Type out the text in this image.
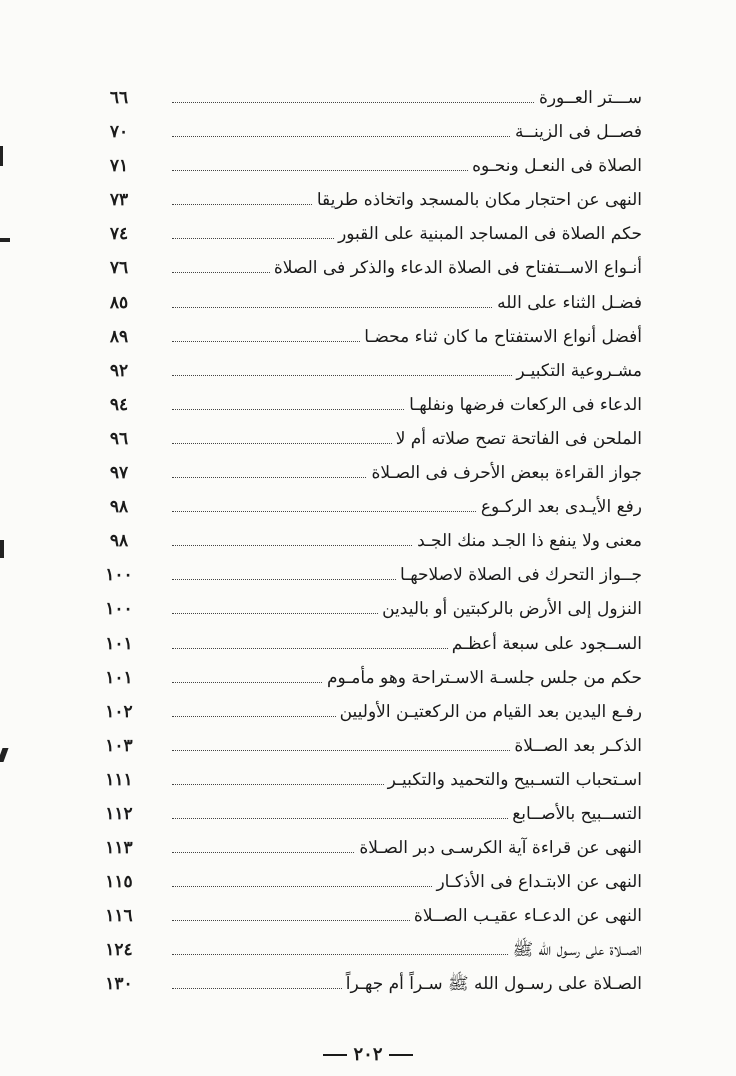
ســـتر العــورة
٦٦
فصــل فى الزينــة
٧٠
الصلاة فى النعـل ونحـوه
٧١
النهى عن احتجار مكان بالمسجد واتخاذه طريقا
٧٣
حكم الصلاة فى المساجد المبنية على القبور
٧٤
أنـواع الاســتفتاح فى الصلاة الدعاء والذكر فى الصلاة
٧٦
فضـل الثناء على الله
٨٥
أفضل أنواع الاستفتاح ما كان ثناء محضـا
٨٩
مشـروعية التكبيـر
٩٢
الدعاء فى الركعات فرضها ونفلهـا
٩٤
الملحن فى الفاتحة تصح صلاته أم لا
٩٦
جواز القراءة ببعض الأحرف فى الصـلاة
٩٧
رفع الأيـدى بعد الركـوع
٩٨
معنى ولا ينفع ذا الجـد منك الجـد
٩٨
جــواز التحرك فى الصلاة لاصلاحهـا
١٠٠
النزول إلى الأرض بالركبتين أو باليدين
١٠٠
الســجود على سبعة أعظـم
١٠١
حكم من جلس جلسـة الاسـتراحة وهو مأمـوم
١٠١
رفـع اليدين بعد القيام من الركعتيـن الأوليين
١٠٢
الذكـر بعد الصــلاة
١٠٣
اسـتحباب التسـبيح والتحميد والتكبيـر
١١١
التســبيح بالأصــابع
١١٢
النهى عن قراءة آية الكرسـى دبر الصـلاة
١١٣
النهى عن الابتـداع فى الأذكـار
١١٥
النهى عن الدعـاء عقيـب الصــلاة
١١٦
الصــلاة على رسـول الله ﷺ
١٢٤
الصـلاة على رسـول الله ﷺ سـراً أم جهـراً
١٣٠
٢٠٢
